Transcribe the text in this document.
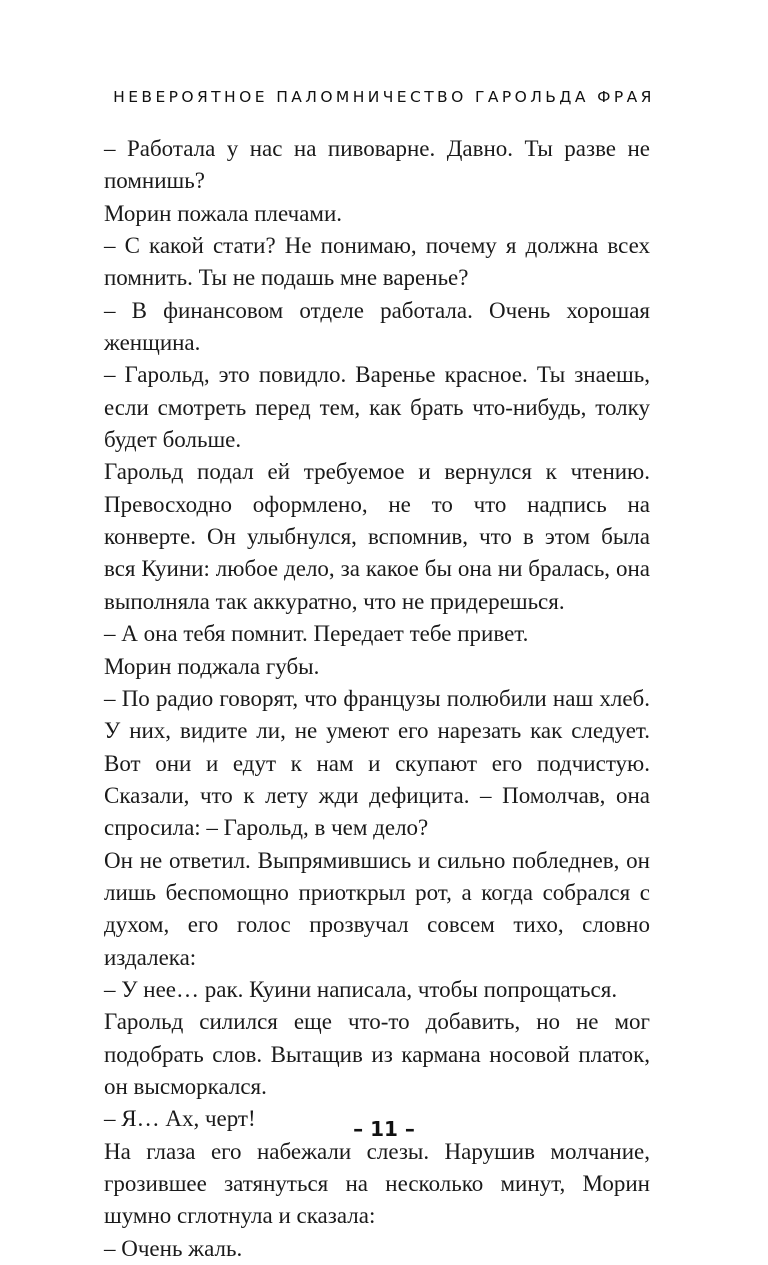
НЕВЕРОЯТНОЕ ПАЛОМНИЧЕСТВО ГАРОЛЬДА ФРАЯ

– Работала у нас на пивоварне. Давно. Ты разве не помнишь?

Морин пожала плечами.

– С какой стати? Не понимаю, почему я должна всех помнить. Ты не подашь мне варенье?

– В финансовом отделе работала. Очень хорошая женщина.

– Гарольд, это повидло. Варенье красное. Ты знаешь, если смотреть перед тем, как брать что-нибудь, толку будет больше.

Гарольд подал ей требуемое и вернулся к чтению. Превосходно оформлено, не то что надпись на конверте. Он улыбнулся, вспомнив, что в этом была вся Куини: любое дело, за какое бы она ни бралась, она выполняла так аккуратно, что не придерешься.

– А она тебя помнит. Передает тебе привет.

Морин поджала губы.

– По радио говорят, что французы полюбили наш хлеб. У них, видите ли, не умеют его нарезать как следует. Вот они и едут к нам и скупают его подчистую. Сказали, что к лету жди дефицита. – Помолчав, она спросила: – Гарольд, в чем дело?

Он не ответил. Выпрямившись и сильно побледнев, он лишь беспомощно приоткрыл рот, а когда собрался с духом, его голос прозвучал совсем тихо, словно издалека:

– У нее… рак. Куини написала, чтобы попрощаться.

Гарольд силился еще что-то добавить, но не мог подобрать слов. Вытащив из кармана носовой платок, он высморкался.

– Я… Ах, черт!

На глаза его набежали слезы. Нарушив молчание, грозившее затянуться на несколько минут, Морин шумно сглотнула и сказала:

– Очень жаль.

– 11 –
